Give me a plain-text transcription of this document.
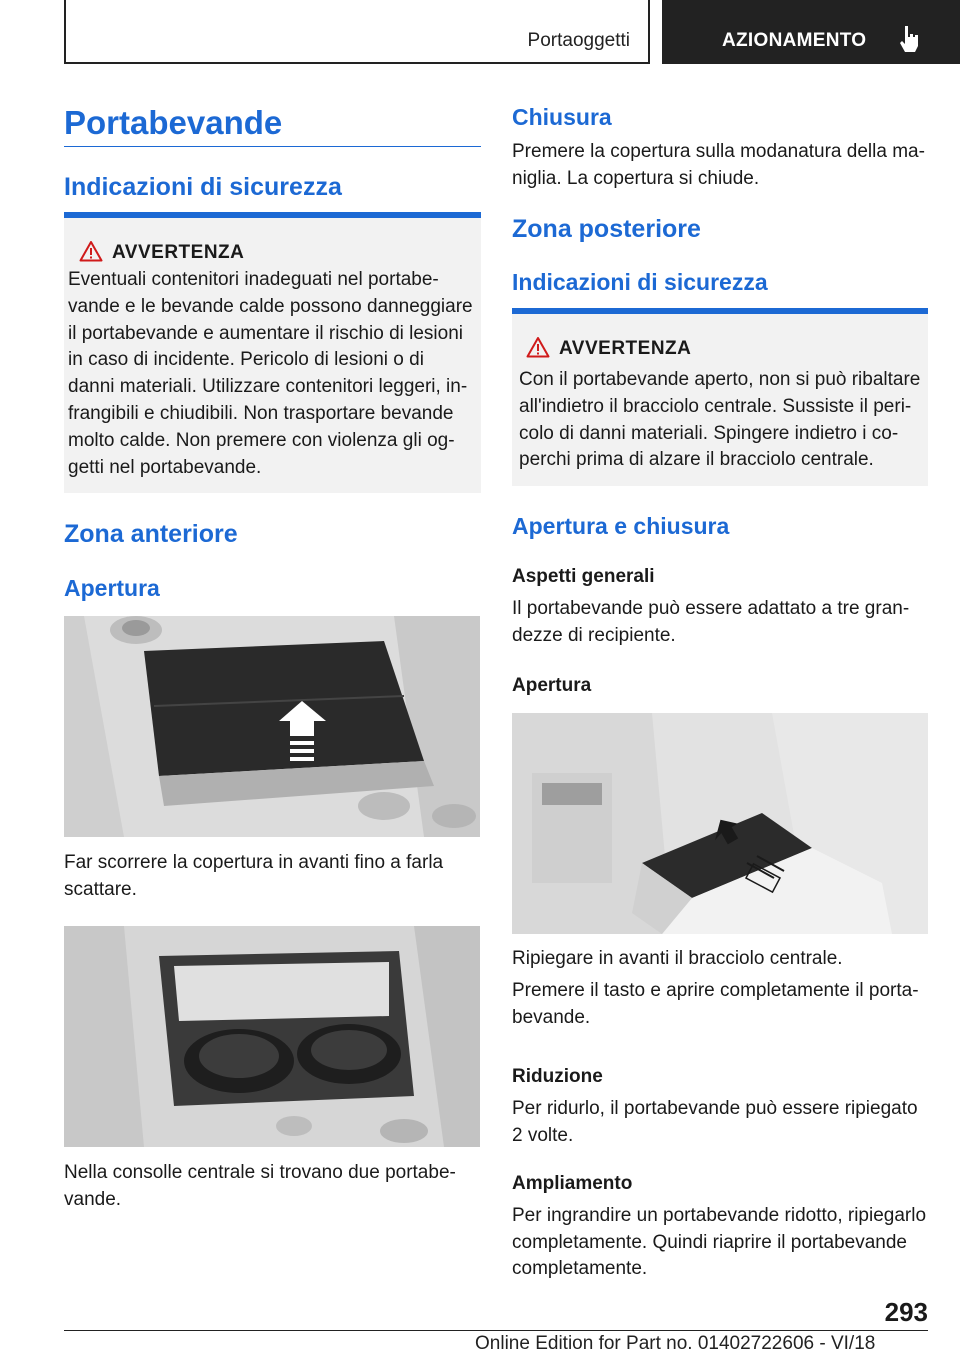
Portaoggetti	AZIONAMENTO
Portabevande
Indicazioni di sicurezza
AVVERTENZA
Eventuali contenitori inadeguati nel portabe-
vande e le bevande calde possono danneggiare
il portabevande e aumentare il rischio di lesioni
in caso di incidente. Pericolo di lesioni o di
danni materiali. Utilizzare contenitori leggeri, in-
frangibili e chiudibili. Non trasportare bevande
molto calde. Non premere con violenza gli og-
getti nel portabevande.
Zona anteriore
Apertura
Far scorrere la copertura in avanti fino a farla
scattare.
Nella consolle centrale si trovano due portabe-
vande.
Chiusura
Premere la copertura sulla modanatura della ma-
niglia. La copertura si chiude.
Zona posteriore
Indicazioni di sicurezza
AVVERTENZA
Con il portabevande aperto, non si può ribaltare
all'indietro il bracciolo centrale. Sussiste il peri-
colo di danni materiali. Spingere indietro i co-
perchi prima di alzare il bracciolo centrale.
Apertura e chiusura
Aspetti generali
Il portabevande può essere adattato a tre gran-
dezze di recipiente.
Apertura
Ripiegare in avanti il bracciolo centrale.
Premere il tasto e aprire completamente il porta-
bevande.
Riduzione
Per ridurlo, il portabevande può essere ripiegato
2 volte.
Ampliamento
Per ingrandire un portabevande ridotto, ripiegarlo
completamente. Quindi riaprire il portabevande
completamente.
293
Online Edition for Part no. 01402722606 - VI/18
